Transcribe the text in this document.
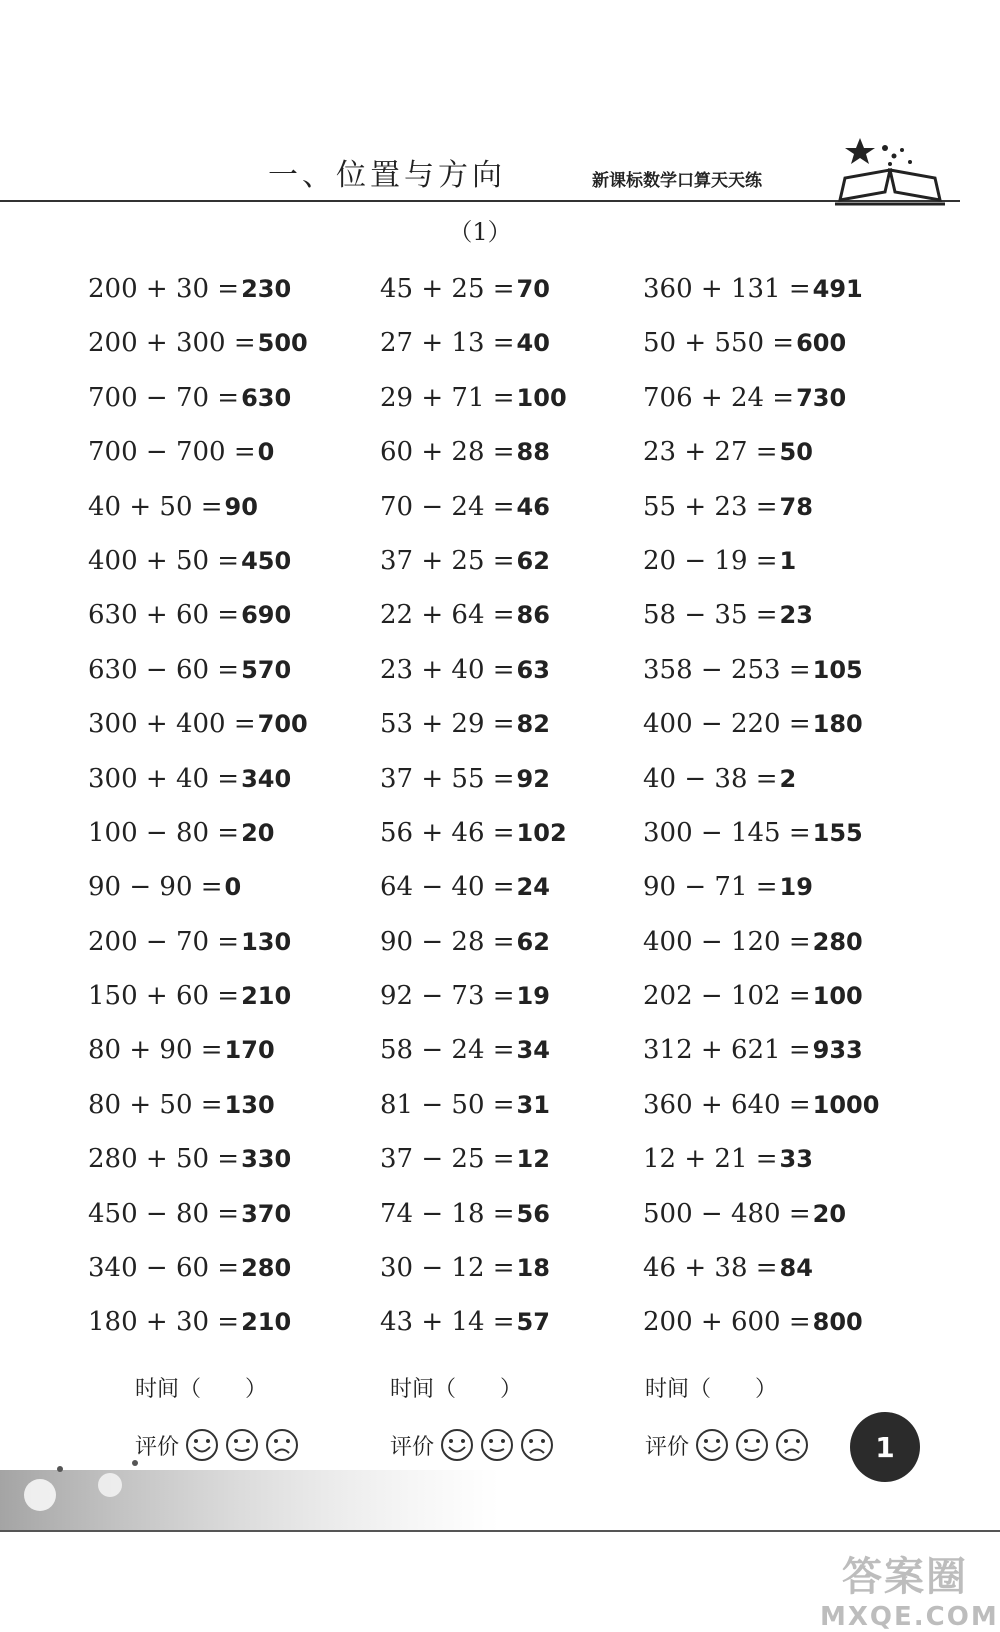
一、位置与方向	新课标数学口算天天练
（1）
200 + 30 =230
200 + 300 =500
700 − 70 =630
700 − 700 =0
40 + 50 =90
400 + 50 =450
630 + 60 =690
630 − 60 =570
300 + 400 =700
300 + 40 =340
100 − 80 =20
90 − 90 =0
200 − 70 =130
150 + 60 =210
80 + 90 =170
80 + 50 =130
280 + 50 =330
450 − 80 =370
340 − 60 =280
180 + 30 =210
45 + 25 =70
27 + 13 =40
29 + 71 =100
60 + 28 =88
70 − 24 =46
37 + 25 =62
22 + 64 =86
23 + 40 =63
53 + 29 =82
37 + 55 =92
56 + 46 =102
64 − 40 =24
90 − 28 =62
92 − 73 =19
58 − 24 =34
81 − 50 =31
37 − 25 =12
74 − 18 =56
30 − 12 =18
43 + 14 =57
360 + 131 =491
50 + 550 =600
706 + 24 =730
23 + 27 =50
55 + 23 =78
20 − 19 =1
58 − 35 =23
358 − 253 =105
400 − 220 =180
40 − 38 =2
300 − 145 =155
90 − 71 =19
400 − 120 =280
202 − 102 =100
312 + 621 =933
360 + 640 =1000
12 + 21 =33
500 − 480 =20
46 + 38 =84
200 + 600 =800
时间（　　）
评价
时间（　　）
评价
时间（　　）
评价	1
答案圈
MXQE.COM
